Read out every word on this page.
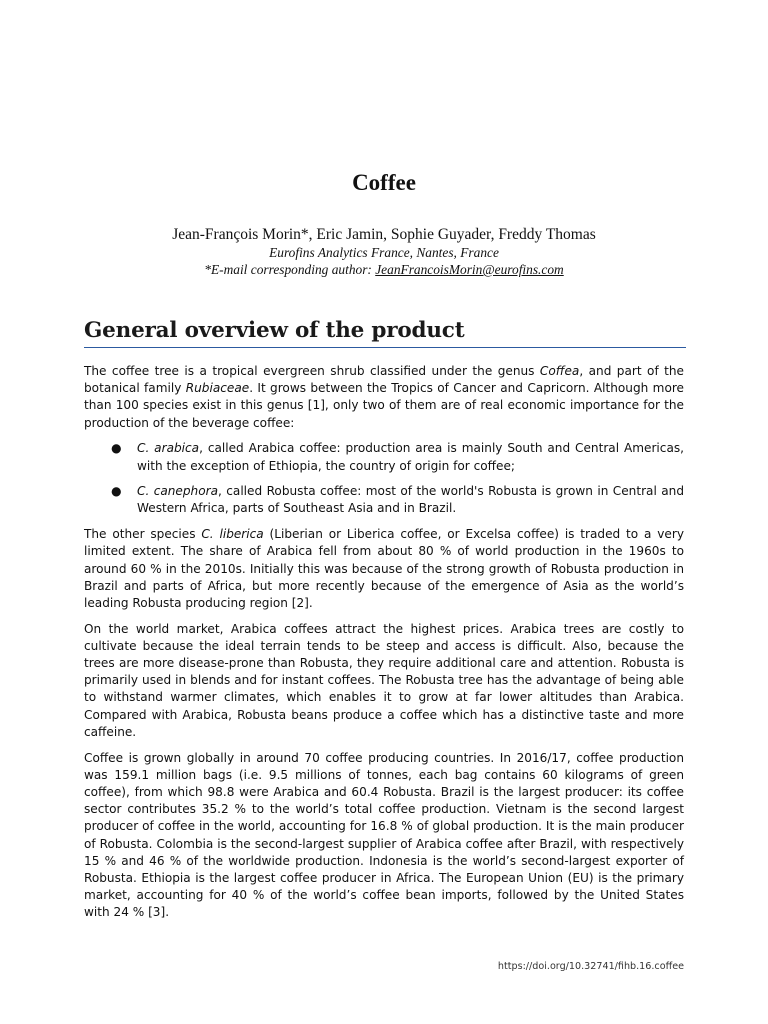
Coffee
Jean-François Morin*, Eric Jamin, Sophie Guyader, Freddy Thomas
Eurofins Analytics France, Nantes, France
*E-mail corresponding author: JeanFrancoisMorin@eurofins.com
General overview of the product

The coffee tree is a tropical evergreen shrub classified under the genus Coffea, and part of the botanical family Rubiaceae. It grows between the Tropics of Cancer and Capricorn. Although more than 100 species exist in this genus [1], only two of them are of real economic importance for the production of the beverage coffee:

● C. arabica, called Arabica coffee: production area is mainly South and Central Americas, with the exception of Ethiopia, the country of origin for coffee;
● C. canephora, called Robusta coffee: most of the world's Robusta is grown in Central and Western Africa, parts of Southeast Asia and in Brazil.

The other species C. liberica (Liberian or Liberica coffee, or Excelsa coffee) is traded to a very limited extent. The share of Arabica fell from about 80 % of world production in the 1960s to around 60 % in the 2010s. Initially this was because of the strong growth of Robusta production in Brazil and parts of Africa, but more recently because of the emergence of Asia as the world’s leading Robusta producing region [2].

On the world market, Arabica coffees attract the highest prices. Arabica trees are costly to cultivate because the ideal terrain tends to be steep and access is difficult. Also, because the trees are more disease-prone than Robusta, they require additional care and attention. Robusta is primarily used in blends and for instant coffees. The Robusta tree has the advantage of being able to withstand warmer climates, which enables it to grow at far lower altitudes than Arabica. Compared with Arabica, Robusta beans produce a coffee which has a distinctive taste and more caffeine.

Coffee is grown globally in around 70 coffee producing countries. In 2016/17, coffee production was 159.1 million bags (i.e. 9.5 millions of tonnes, each bag contains 60 kilograms of green coffee), from which 98.8 were Arabica and 60.4 Robusta. Brazil is the largest producer: its coffee sector contributes 35.2 % to the world’s total coffee production. Vietnam is the second largest producer of coffee in the world, accounting for 16.8 % of global production. It is the main producer of Robusta. Colombia is the second-largest supplier of Arabica coffee after Brazil, with respectively 15 % and 46 % of the worldwide production. Indonesia is the world’s second-largest exporter of Robusta. Ethiopia is the largest coffee producer in Africa. The European Union (EU) is the primary market, accounting for 40 % of the world’s coffee bean imports, followed by the United States with 24 % [3].

https://doi.org/10.32741/fihb.16.coffee
